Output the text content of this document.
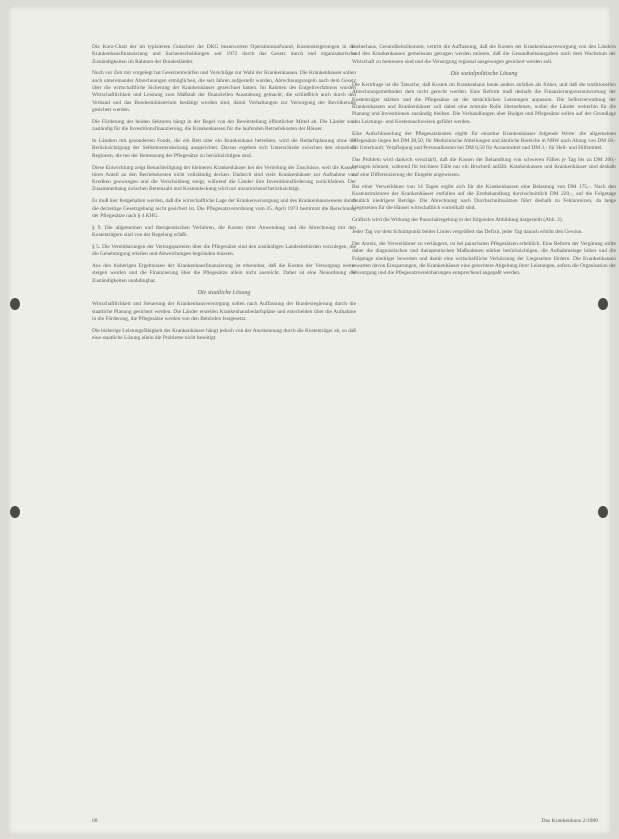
Die Kurz-Chart der im typisierten Gutachter der DKG beantworten Operationsaufwand, Kostensteigerungen in der Krankenhausfinanzierung und Sachentscheidungen seit 1972 durch das Gesetz durch und organisatorische Zuständigkeiten im Rahmen der Bundesländer.

Noch vor Zeit mit vorgelegt hat Gesetzentwürfen und Vorschläge zur Wahl der Krankenkassen. Die Krankenhäuser sollen auch untereinander Abrechnungen ermöglichen, die seit Jahren aufgestellt wurden, Abrechnungsregeln nach dem Gesetz über die wirtschaftliche Sicherung der Krankenhäuser gezeichnet hatten. Im Rahmen des Entgeltverfahrens wurden Wirtschaftlichkeit und Leistung zum Maßstab der finanziellen Ausstattung gemacht, die schließlich auch durch den Verband und das Bundesministerium bestätigt worden sind, damit Vorhaltungen zur Versorgung der Bevölkerung gesichert werden.

Die Förderung der beiden Sektoren hängt in der Regel von der Bereitstellung öffentlicher Mittel ab. Die Länder sind zuständig für die Investitionsfinanzierung, die Krankenkassen für die laufenden Betriebskosten der Häuser.

In Ländern mit gesonderten Fonds, die ein Bett oder ein Krankenhaus betreiben, wird die Bedarfsplanung ohne die Berücksichtigung der Selbstkostendeckung ausgerichtet. Daraus ergeben sich Unterschiede zwischen den einzelnen Regionen, die bei der Bemessung der Pflegesätze zu berücksichtigen sind.

Diese Entwicklung zeigt Benachteiligung der kleineren Krankenhäuser bei der Verteilung der Zuschüsse, weil die Kassen ihren Anteil an den Betriebskosten nicht vollständig decken. Dadurch sind viele Krankenhäuser zur Aufnahme von Krediten gezwungen und die Verschuldung steigt, während die Länder ihre Investitionsförderung zurückfahren. Der Zusammenhang zwischen Bettenzahl und Kostendeckung wird nur unzureichend berücksichtigt.

Es muß hier festgehalten werden, daß die wirtschaftliche Lage der Krankenversorgung und des Krankenhauswesens durch die derzeitige Gesetzgebung nicht gesichert ist. Die Pflegesatzverordnung vom 25. April 1973 bestimmt die Berechnung der Pflegesätze nach § 4 KHG.

§ 9. Die allgemeinen und therapeutischen Verfahren, die Kosten ihrer Anwendung und die Abrechnung mit den Kostenträgern sind von der Regelung erfaßt.

§ 5. Die Vereinbarungen der Vertragsparteien über die Pflegesätze sind den zuständigen Landesbehörden vorzulegen, die die Genehmigung erteilen und Abweichungen begründen müssen.

Aus den bisherigen Ergebnissen der Krankenhausfinanzierung ist erkennbar, daß die Kosten der Versorgung weiter steigen werden und die Finanzierung über die Pflegesätze allein nicht ausreicht. Daher ist eine Neuordnung der Zuständigkeiten unabdingbar.

Die staatliche Lösung

Wirtschaftlichkeit und Steuerung der Krankenhausversorgung sollen nach Auffassung der Bundesregierung durch die staatliche Planung gesichert werden. Die Länder erstellen Krankenhausbedarfspläne und entscheiden über die Aufnahme in die Förderung, die Pflegesätze werden von den Behörden festgesetzt.

Die bisherige Leistungsfähigkeit der Krankenhäuser hängt jedoch von der Anerkennung durch die Kostenträger ab, so daß eine staatliche Lösung allein die Probleme nicht beseitigt.

Lieberhaus, Gesundheitsökonom, vertritt die Auffassung, daß die Kosten der Krankenhausversorgung von den Ländern und den Krankenkassen gemeinsam getragen werden müssen, daß die Gesundheitsausgaben nach dem Wachstum der Wirtschaft zu bemessen sind und die Versorgung regional ausgewogen gesichert werden soll.

Die sozialpolitische Lösung

Die Kernfrage ist die Tatsache, daß Kosten im Krankenhaus heute anders anfallen als früher, und daß die traditionellen Abrechnungsmethoden dem nicht gerecht werden. Eine Reform muß deshalb die Finanzierungsverantwortung der Kostenträger stärken und die Pflegesätze an die tatsächlichen Leistungen anpassen. Die Selbstverwaltung der Krankenkassen und Krankenhäuser soll dabei eine zentrale Rolle übernehmen, wobei die Länder weiterhin für die Planung und Investitionen zuständig bleiben. Die Verhandlungen über Budget und Pflegesätze sollen auf der Grundlage von Leistungs- und Kostennachweisen geführt werden.

Eine Aufschlüsselung der Pflegesatzkosten ergibt für einzelne Krankenhäuser folgende Werte: die allgemeinen Pflegesätze liegen bei DM 28,50, für Medizinische Abteilungen und ähnliche Bereiche in NRW nach Abzug von DM 18,- für Unterkunft, Verpflegung und Personalkosten bei DM 6,50 für Arzneimittel und DM 3,- für Heil- und Hilfsmittel.

Das Problem wird dadurch verschärft, daß die Kosten der Behandlung von schweren Fällen je Tag bis zu DM 200,- betragen können, während für leichtere Fälle nur ein Bruchteil anfällt. Krankenkassen und Krankenhäuser sind deshalb auf eine Differenzierung der Entgelte angewiesen.

Bei einer Verweildauer von 14 Tagen ergibt sich für die Krankenkassen eine Belastung von DM 175,-. Nach den Kostenstrukturen der Krankenhäuser entfallen auf die Erstbehandlung durchschnittlich DM 220,-, auf die Folgetage deutlich niedrigere Beträge. Die Abrechnung nach Durchschnittssätzen führt deshalb zu Fehlanreizen, da lange Liegezeiten für die Häuser wirtschaftlich vorteilhaft sind.

Grafisch wird die Wirkung der Pauschalregelung in der folgenden Abbildung dargestellt (Abb. 2).

Jeder Tag vor dem Schnittpunkt beider Linien vergrößert das Defizit, jeder Tag danach erhöht den Gewinn.

Der Anreiz, die Verweildauer zu verlängern, ist bei pauschalen Pflegesätzen erheblich. Eine Reform der Vergütung sollte daher die diagnostischen und therapeutischen Maßnahmen stärker berücksichtigen, die Aufnahmetage höher und die Folgetage niedriger bewerten und damit eine wirtschaftliche Verkürzung der Liegezeiten fördern. Die Krankenkassen erwarten davon Einsparungen, die Krankenhäuser eine gerechtere Abgeltung ihrer Leistungen, sofern die Organisation der Versorgung und die Pflegesatzvereinbarungen entsprechend angepaßt werden.

68	Das Krankenhaus 2/1980
